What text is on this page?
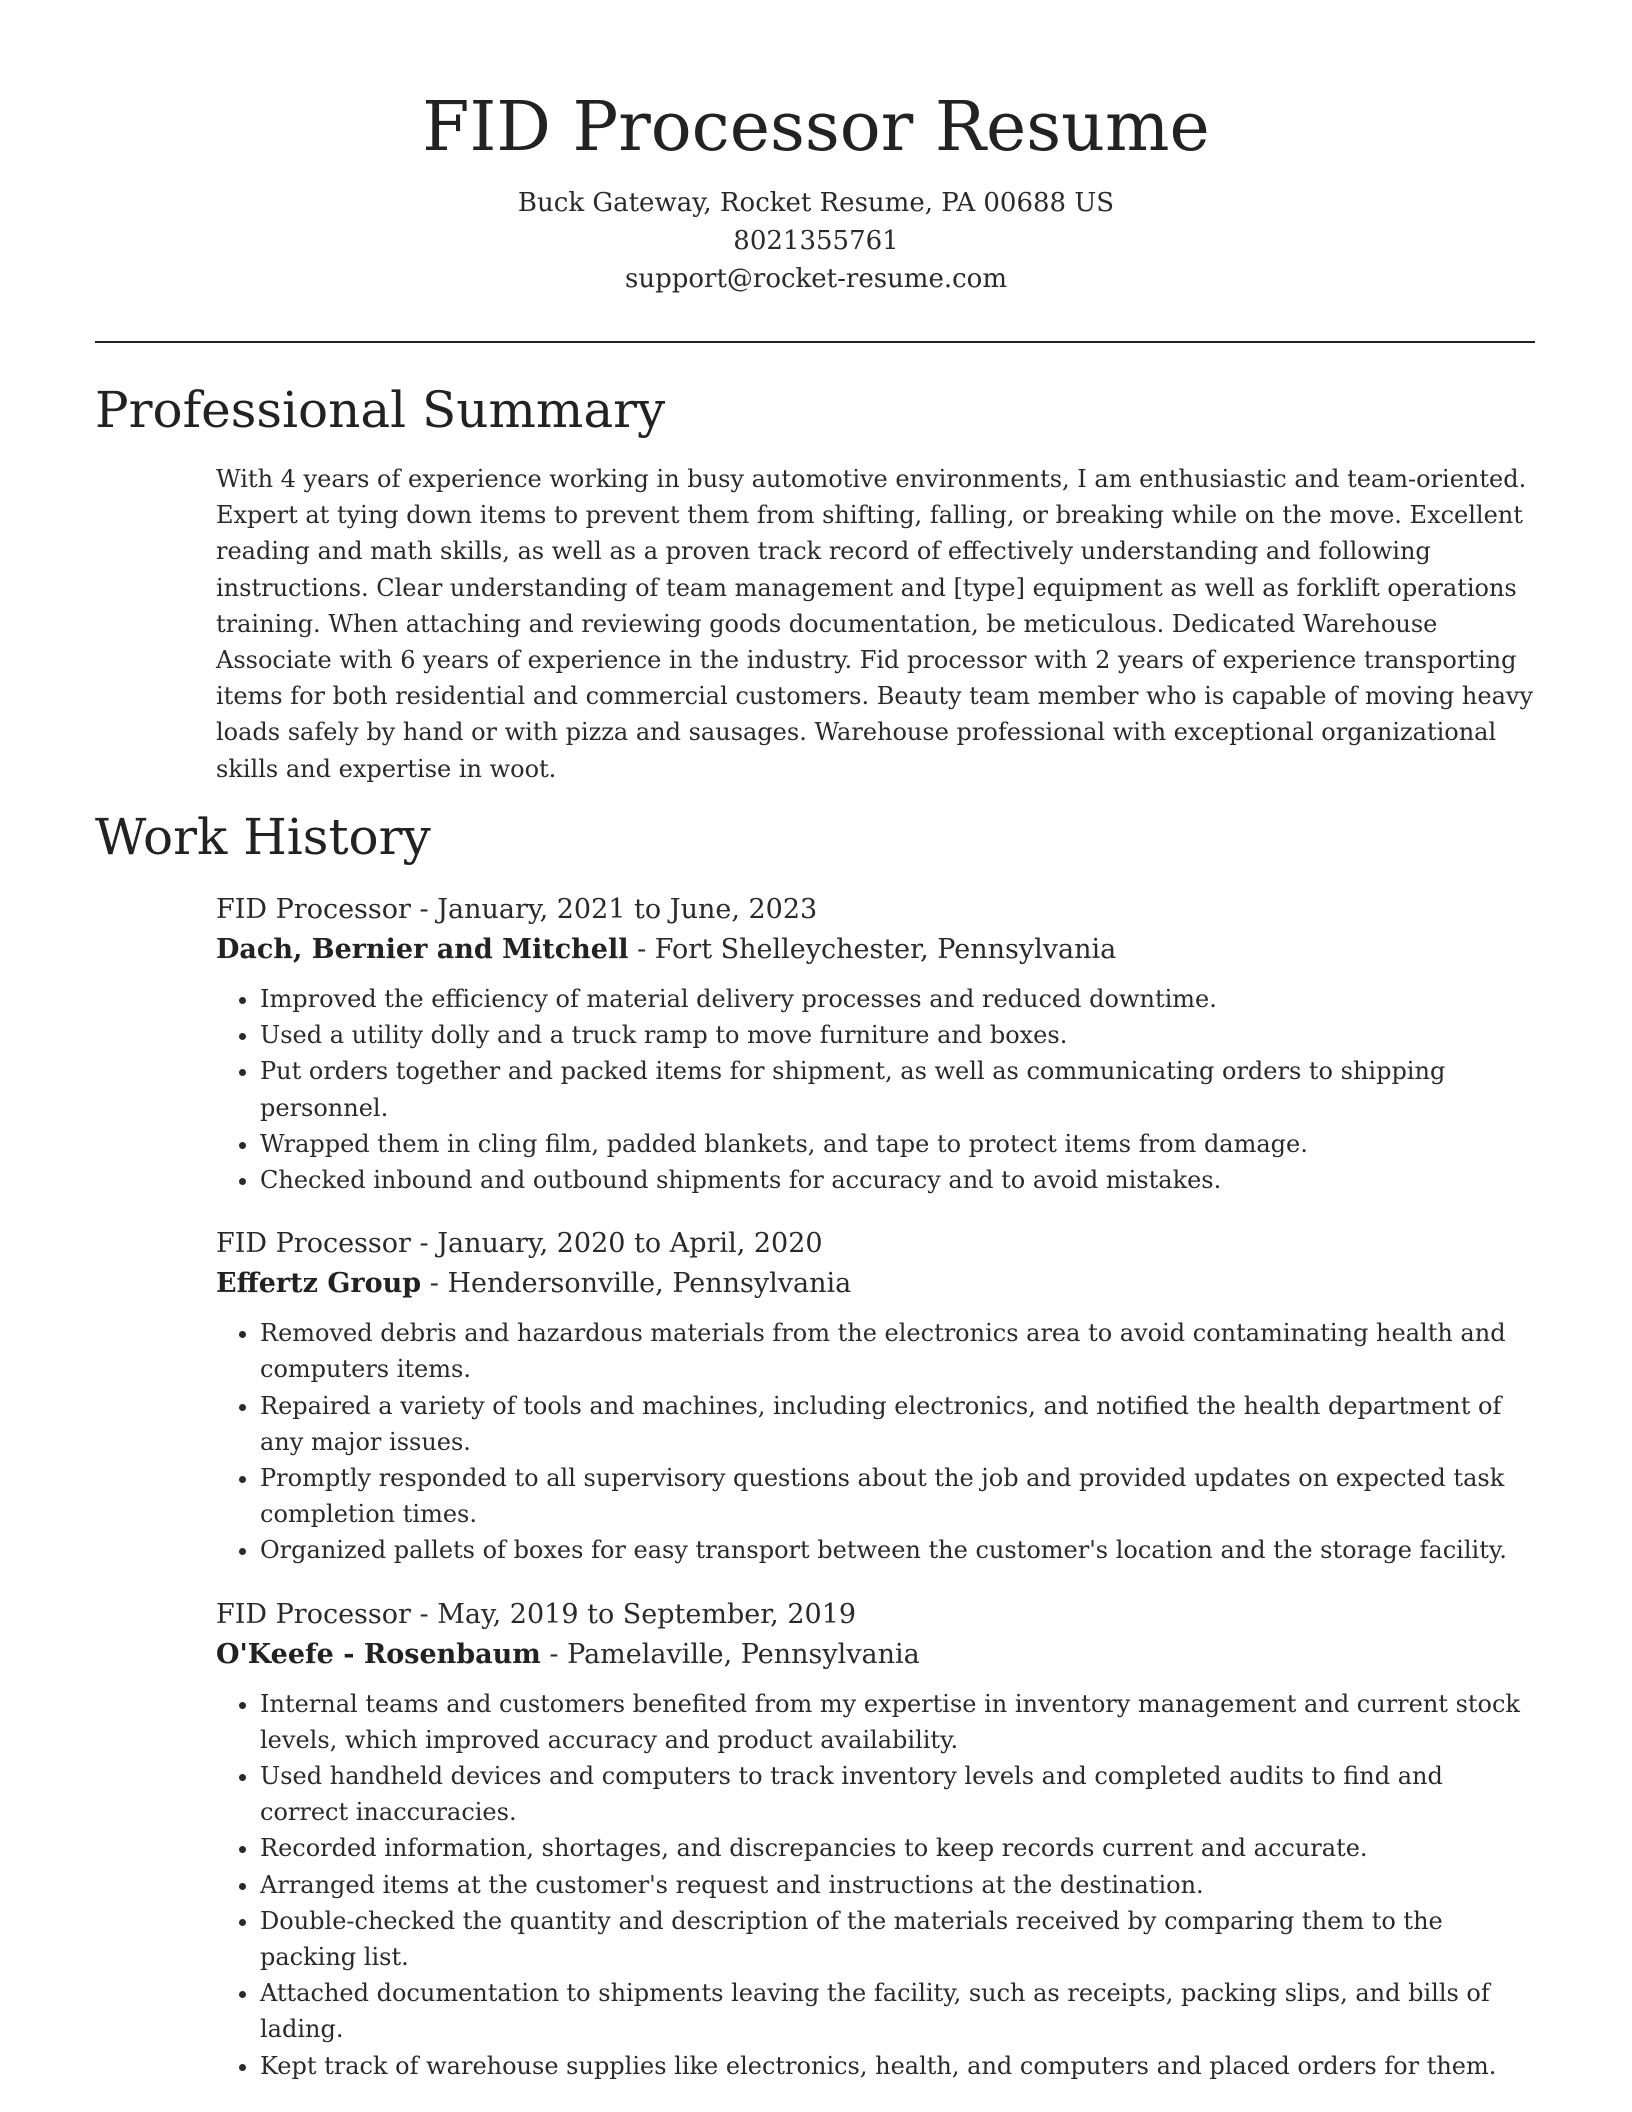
FID Processor Resume
Buck Gateway, Rocket Resume, PA 00688 US
8021355761
support@rocket-resume.com
Professional Summary

With 4 years of experience working in busy automotive environments, I am enthusiastic and team-oriented. Expert at tying down items to prevent them from shifting, falling, or breaking while on the move. Excellent reading and math skills, as well as a proven track record of effectively understanding and following instructions. Clear understanding of team management and [type] equipment as well as forklift operations training. When attaching and reviewing goods documentation, be meticulous. Dedicated Warehouse Associate with 6 years of experience in the industry. Fid processor with 2 years of experience transporting items for both residential and commercial customers. Beauty team member who is capable of moving heavy loads safely by hand or with pizza and sausages. Warehouse professional with exceptional organizational skills and expertise in woot.

Work History
FID Processor - January, 2021 to June, 2023
Dach, Bernier and Mitchell - Fort Shelleychester, Pennsylvania
• Improved the efficiency of material delivery processes and reduced downtime.
• Used a utility dolly and a truck ramp to move furniture and boxes.
• Put orders together and packed items for shipment, as well as communicating orders to shipping personnel.
• Wrapped them in cling film, padded blankets, and tape to protect items from damage.
• Checked inbound and outbound shipments for accuracy and to avoid mistakes.
FID Processor - January, 2020 to April, 2020
Effertz Group - Hendersonville, Pennsylvania
• Removed debris and hazardous materials from the electronics area to avoid contaminating health and computers items.
• Repaired a variety of tools and machines, including electronics, and notified the health department of any major issues.
• Promptly responded to all supervisory questions about the job and provided updates on expected task completion times.
• Organized pallets of boxes for easy transport between the customer's location and the storage facility.
FID Processor - May, 2019 to September, 2019
O'Keefe - Rosenbaum - Pamelaville, Pennsylvania
• Internal teams and customers benefited from my expertise in inventory management and current stock levels, which improved accuracy and product availability.
• Used handheld devices and computers to track inventory levels and completed audits to find and correct inaccuracies.
• Recorded information, shortages, and discrepancies to keep records current and accurate.
• Arranged items at the customer's request and instructions at the destination.
• Double-checked the quantity and description of the materials received by comparing them to the packing list.
• Attached documentation to shipments leaving the facility, such as receipts, packing slips, and bills of lading.
• Kept track of warehouse supplies like electronics, health, and computers and placed orders for them.
